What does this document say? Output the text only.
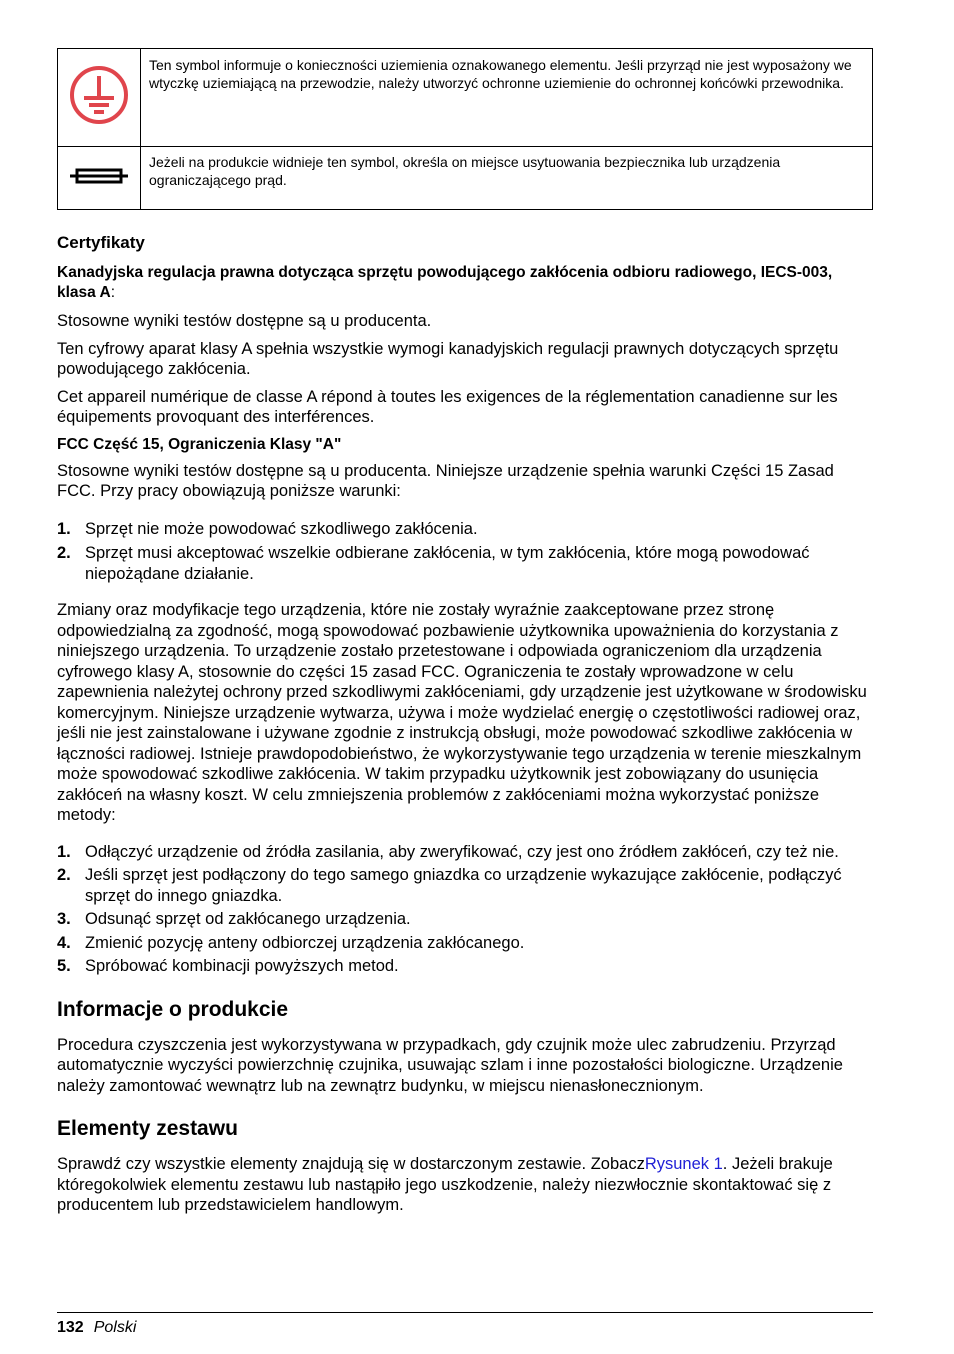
	Ten symbol informuje o konieczności uziemienia oznakowanego elementu. Jeśli przyrząd nie jest wyposażony we wtyczkę uziemiającą na przewodzie, należy utworzyć ochronne uziemienie do ochronnej końcówki przewodnika.
	Jeżeli na produkcie widnieje ten symbol, określa on miejsce usytuowania bezpiecznika lub urządzenia ograniczającego prąd.
Certyfikaty
Kanadyjska regulacja prawna dotycząca sprzętu powodującego zakłócenia odbioru radiowego, IECS-003, klasa A:

Stosowne wyniki testów dostępne są u producenta.

Ten cyfrowy aparat klasy A spełnia wszystkie wymogi kanadyjskich regulacji prawnych dotyczących sprzętu powodującego zakłócenia.

Cet appareil numérique de classe A répond à toutes les exigences de la réglementation canadienne sur les équipements provoquant des interférences.

FCC Część 15, Ograniczenia Klasy "A"

Stosowne wyniki testów dostępne są u producenta. Niniejsze urządzenie spełnia warunki Części 15 Zasad FCC. Przy pracy obowiązują poniższe warunki:

1. Sprzęt nie może powodować szkodliwego zakłócenia.
2. Sprzęt musi akceptować wszelkie odbierane zakłócenia, w tym zakłócenia, które mogą powodować niepożądane działanie.

Zmiany oraz modyfikacje tego urządzenia, które nie zostały wyraźnie zaakceptowane przez stronę odpowiedzialną za zgodność, mogą spowodować pozbawienie użytkownika upoważnienia do korzystania z niniejszego urządzenia. To urządzenie zostało przetestowane i odpowiada ograniczeniom dla urządzenia cyfrowego klasy A, stosownie do części 15 zasad FCC. Ograniczenia te zostały wprowadzone w celu zapewnienia należytej ochrony przed szkodliwymi zakłóceniami, gdy urządzenie jest użytkowane w środowisku komercyjnym. Niniejsze urządzenie wytwarza, używa i może wydzielać energię o częstotliwości radiowej oraz, jeśli nie jest zainstalowane i używane zgodnie z instrukcją obsługi, może powodować szkodliwe zakłócenia w łączności radiowej. Istnieje prawdopodobieństwo, że wykorzystywanie tego urządzenia w terenie mieszkalnym może spowodować szkodliwe zakłócenia. W takim przypadku użytkownik jest zobowiązany do usunięcia zakłóceń na własny koszt. W celu zmniejszenia problemów z zakłóceniami można wykorzystać poniższe metody:

1. Odłączyć urządzenie od źródła zasilania, aby zweryfikować, czy jest ono źródłem zakłóceń, czy też nie.
2. Jeśli sprzęt jest podłączony do tego samego gniazdka co urządzenie wykazujące zakłócenie, podłączyć sprzęt do innego gniazdka.
3. Odsunąć sprzęt od zakłócanego urządzenia.
4. Zmienić pozycję anteny odbiorczej urządzenia zakłócanego.
5. Spróbować kombinacji powyższych metod.
Informacje o produkcie

Procedura czyszczenia jest wykorzystywana w przypadkach, gdy czujnik może ulec zabrudzeniu. Przyrząd automatycznie wyczyści powierzchnię czujnika, usuwając szlam i inne pozostałości biologiczne. Urządzenie należy zamontować wewnątrz lub na zewnątrz budynku, w miejscu nienasłonecznionym.

Elementy zestawu

Sprawdź czy wszystkie elementy znajdują się w dostarczonym zestawie. ZobaczRysunek 1. Jeżeli brakuje któregokolwiek elementu zestawu lub nastąpiło jego uszkodzenie, należy niezwłocznie skontaktować się z producentem lub przedstawicielem handlowym.

132 Polski
